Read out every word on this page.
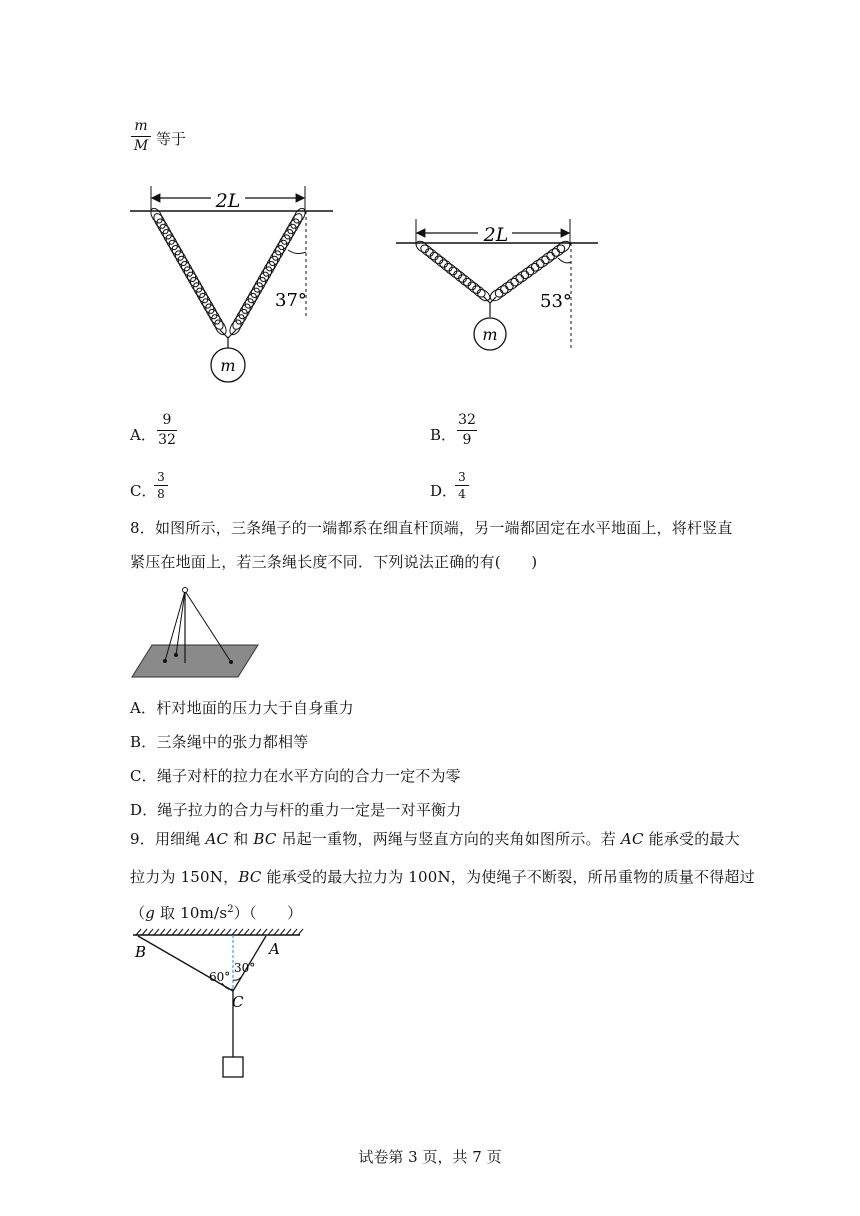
m
M 等于
2L
37°
m
2L
53°
m
A．
9
32	B．
32
9
C．
3
8	D．
3
4
8．如图所示，三条绳子的一端都系在细直杆顶端，另一端都固定在水平地面上，将杆竖直
紧压在地面上，若三条绳长度不同．下列说法正确的有(　　)
A．杆对地面的压力大于自身重力
B．三条绳中的张力都相等
C．绳子对杆的拉力在水平方向的合力一定不为零
D．绳子拉力的合力与杆的重力一定是一对平衡力
9．用细绳 AC 和 BC 吊起一重物，两绳与竖直方向的夹角如图所示。若 AC 能承受的最大
拉力为 150N，BC 能承受的最大拉力为 100N，为使绳子不断裂，所吊重物的质量不得超过
（g 取 $10m/s^2$）（　　）
B	A
C
60°
30°
试卷第 3 页，共 7 页
